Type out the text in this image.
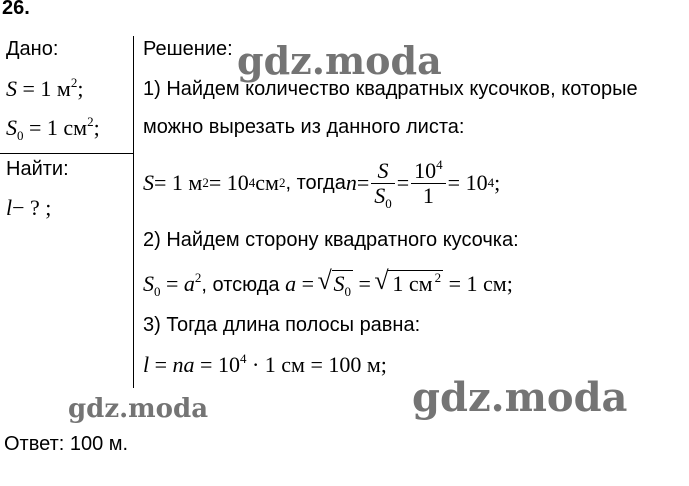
26.
Дано:
S = 1 $м^2$;
$S_0 = 1$ $см^2$;
Найти:
l− ? ;
Решение:
1) Найдем количество квадратных кусочков, которые
можно вырезать из данного листа:
S = 1 м 2 = 10 4 см 2 , тогда $n = \frac{S}{S_0} = \frac{10^4}{1} = 10$ 4 ;
2) Найдем сторону квадратного кусочка:
$S_0 = a^2$, отсюда a = √ $S_0$ = √ 1 см $^2$ = 1 см;
3) Тогда длина полосы равна:
l = na = $10^4 \cdot 1$ см = 100 м;
Ответ: 100 м.
gdz.moda
gdz.moda	gdz.moda
